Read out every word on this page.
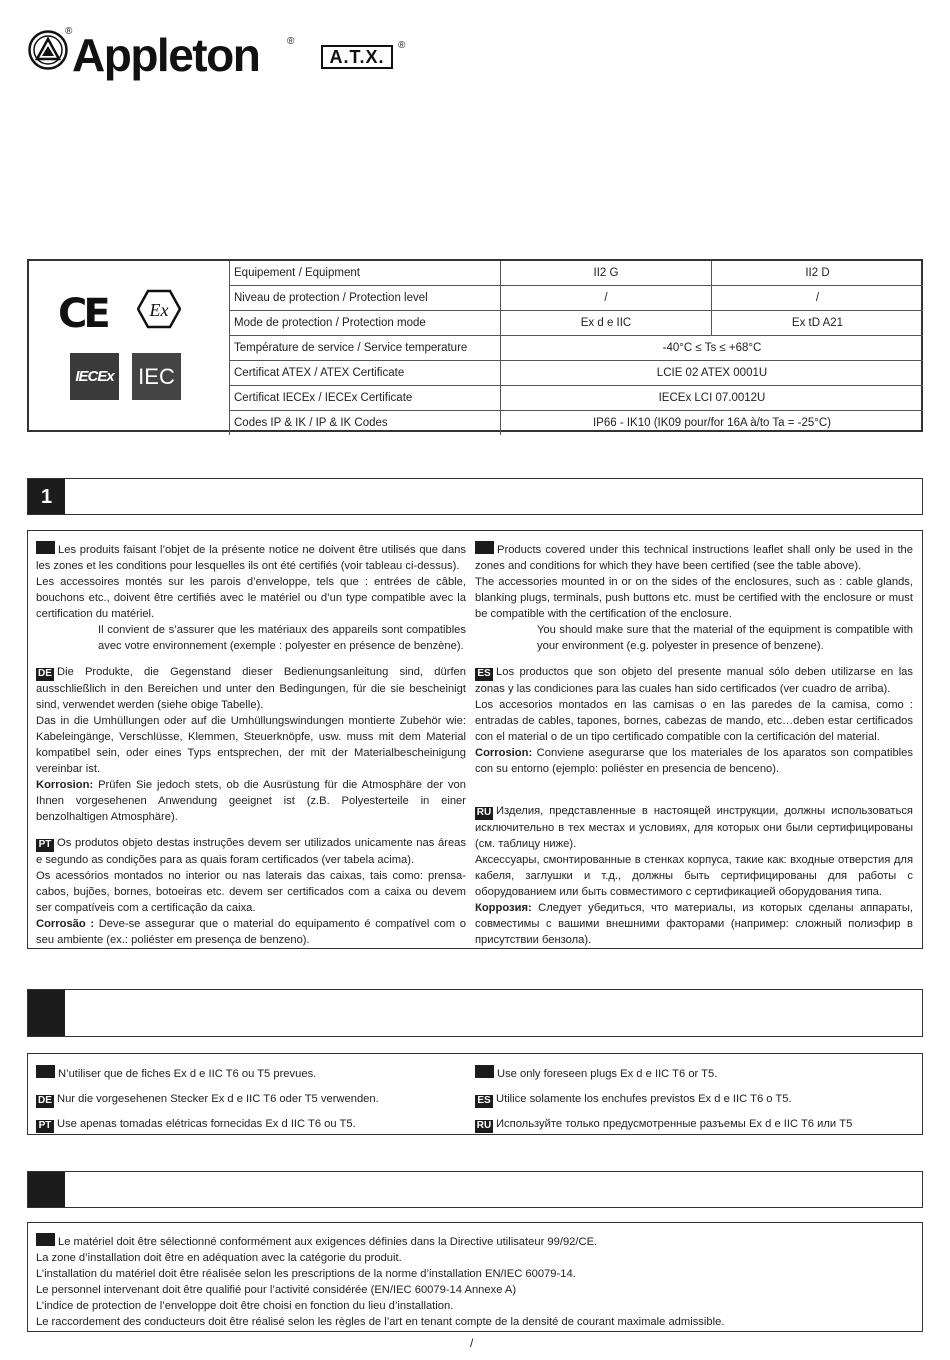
® Appleton	®
A.T.X.
®
Equipement / Equipment	II2 G	II2 D
Niveau de protection / Protection level	/	/
Mode de protection / Protection mode	Ex d e IIC	Ex tD A21
Température de service / Service temperature	-40°C ≤ Ts ≤ +68°C	
Certificat ATEX / ATEX Certificate	LCIE 02 ATEX 0001U	
Certificat IECEx / IECEx Certificate	IECEx LCI 07.0012U	
Codes IP & IK / IP & IK Codes	IP66 - IK10 (IK09 pour/for 16A à/to Ta = -25°C)	
CE Ex
IECEx IEC
1

Les produits faisant l’objet de la présente notice ne doivent être utilisés que dans les zones et les conditions pour lesquelles ils ont été certifiés (voir tableau ci-dessus).

Les accessoires montés sur les parois d’enveloppe, tels que : entrées de câble, bouchons etc., doivent être certifiés avec le matériel ou d’un type compatible avec la certification du matériel.

Il convient de s’assurer que les matériaux des appareils sont compatibles avec votre environnement (exemple : polyester en présence de benzène).

DE Die Produkte, die Gegenstand dieser Bedienungsanleitung sind, dürfen ausschließlich in den Bereichen und unter den Bedingungen, für die sie bescheinigt sind, verwendet werden (siehe obige Tabelle).

Das in die Umhüllungen oder auf die Umhüllungswindungen montierte Zubehör wie: Kabeleingänge, Verschlüsse, Klemmen, Steuerknöpfe, usw. muss mit dem Material kompatibel sein, oder eines Typs entsprechen, der mit der Materialbescheinigung vereinbar ist.

Korrosion: Prüfen Sie jedoch stets, ob die Ausrüstung für die Atmosphäre der von Ihnen vorgesehenen Anwendung geeignet ist (z.B. Polyesterteile in einer benzolhaltigen Atmosphäre).

PT Os produtos objeto destas instruções devem ser utilizados unicamente nas áreas e segundo as condições para as quais foram certificados (ver tabela acima).

Os acessórios montados no interior ou nas laterais das caixas, tais como: prensa-cabos, bujões, bornes, botoeiras etc. devem ser certificados com a caixa ou devem ser compatíveis com a certificação da caixa.

Corrosão : Deve-se assegurar que o material do equipamento é compatível com o seu ambiente (ex.: poliéster em presença de benzeno).

Products covered under this technical instructions leaflet shall only be used in the zones and conditions for which they have been certified (see the table above).

The accessories mounted in or on the sides of the enclosures, such as : cable glands, blanking plugs, terminals, push buttons etc. must be certified with the enclosure or must be compatible with the certification of the enclosure.

You should make sure that the material of the equipment is compatible with your environment (e.g. polyester in presence of benzene).

ES Los productos que son objeto del presente manual sólo deben utilizarse en las zonas y las condiciones para las cuales han sido certificados (ver cuadro de arriba).

Los accesorios montados en las camisas o en las paredes de la camisa, como : entradas de cables, tapones, bornes, cabezas de mando, etc…deben estar certificados con el material o de un tipo certificado compatible con la certificación del material.

Corrosion: Conviene asegurarse que los materiales de los aparatos son compatibles con su entorno (ejemplo: poliéster en presencia de benceno).

RU Изделия, представленные в настоящей инструкции, должны использоваться исключительно в тех местах и условиях, для которых они были сертифицированы (см. таблицу ниже).

Аксессуары, смонтированные в стенках корпуса, такие как: входные отверстия для кабеля, заглушки и т.д., должны быть сертифицированы для работы с оборудованием или быть совместимого с сертификацией оборудования типа.

Коррозия: Следует убедиться, что материалы, из которых сделаны аппараты, совместимы с вашими внешними факторами (например: сложный полиэфир в присутствии бензола).

N’utiliser que de fiches Ex d e IIC T6 ou T5 prevues.
DE Nur die vorgesehenen Stecker Ex d e IIC T6 oder T5 verwenden.
PT Use apenas tomadas elétricas fornecidas Ex d IIC T6 ou T5.
Use only foreseen plugs Ex d e IIC T6 or T5.
ES Utilice solamente los enchufes previstos Ex d e IIC T6 o T5.
RU Используйте только предусмотренные разъемы Ex d e IIC T6 или T5
Le matériel doit être sélectionné conformément aux exigences définies dans la Directive utilisateur 99/92/CE.
La zone d’installation doit être en adéquation avec la catégorie du produit.
L’installation du matériel doit être réalisée selon les prescriptions de la norme d’installation EN/IEC 60079-14.
Le personnel intervenant doit être qualifié pour l’activité considérée (EN/IEC 60079-14 Annexe A)
L’indice de protection de l’enveloppe doit être choisi en fonction du lieu d’installation.
Le raccordement des conducteurs doit être réalisé selon les règles de l’art en tenant compte de la densité de courant maximale admissible.
/
